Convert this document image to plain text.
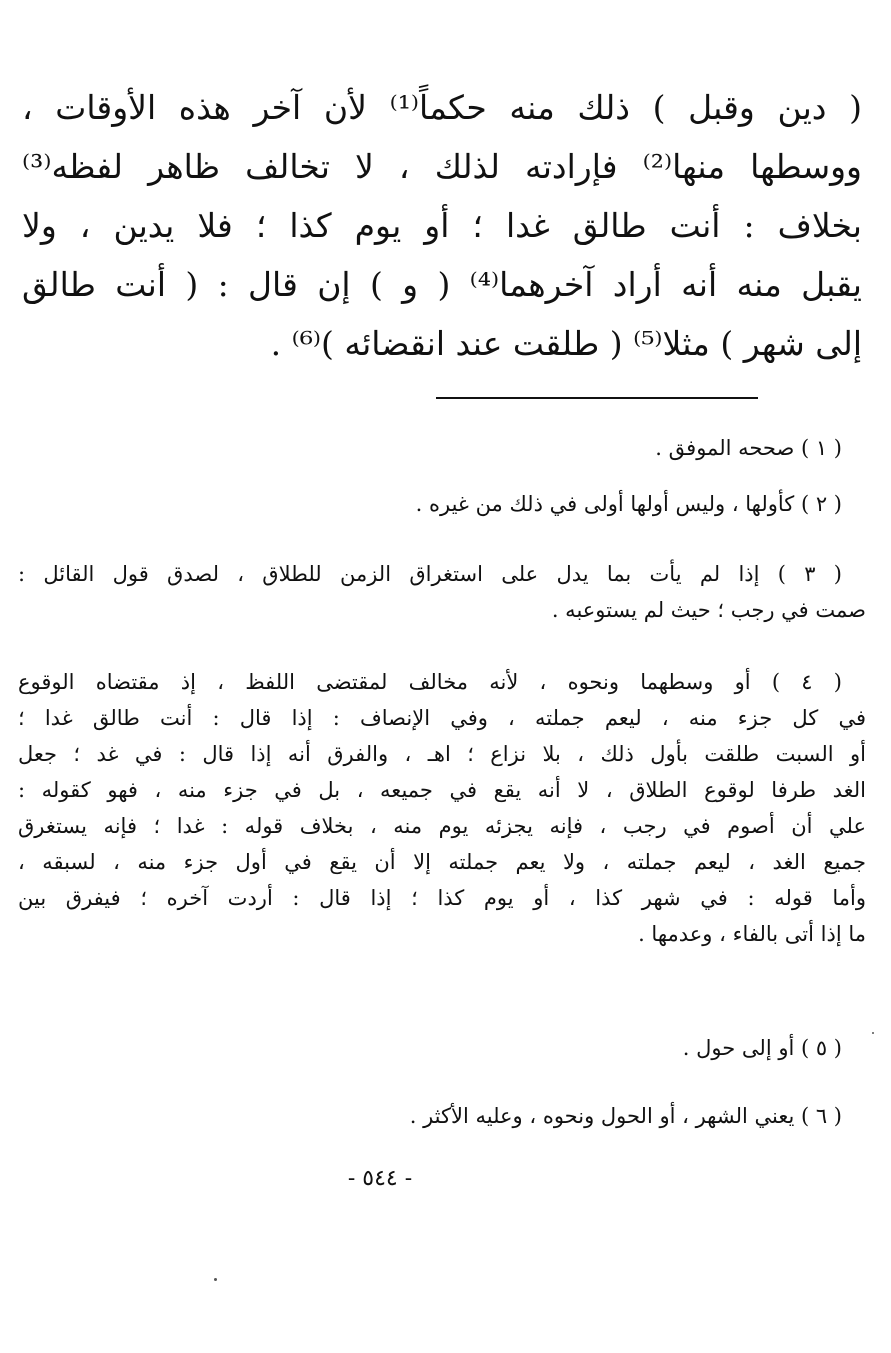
( دين وقبل ) ذلك منه حكماً⁽¹⁾ لأن آخر هذه الأوقات ،
ووسطها منها⁽²⁾ فإرادته لذلك ، لا تخالف ظاهر لفظه⁽³⁾
بخلاف : أنت طالق غدا ؛ أو يوم كذا ؛ فلا يدين ، ولا
يقبل منه أنه أراد آخرهما⁽⁴⁾ ( و ) إن قال : ( أنت طالق
إلى شهر ) مثلا⁽⁵⁾ ( طلقت عند انقضائه )⁽⁶⁾ .
( ١ ) صححه الموفق .
( ٢ ) كأولها ، وليس أولها أولى في ذلك من غيره .
( ٣ ) إذا لم يأت بما يدل على استغراق الزمن للطلاق ، لصدق قول القائل :
صمت في رجب ؛ حيث لم يستوعبه .
( ٤ ) أو وسطهما ونحوه ، لأنه مخالف لمقتضى اللفظ ، إذ مقتضاه الوقوع
في كل جزء منه ، ليعم جملته ، وفي الإنصاف : إذا قال : أنت طالق غدا ؛
أو السبت طلقت بأول ذلك ، بلا نزاع ؛ اهـ ، والفرق أنه إذا قال : في غد ؛ جعل
الغد طرفا لوقوع الطلاق ، لا أنه يقع في جميعه ، بل في جزء منه ، فهو كقوله :
علي أن أصوم في رجب ، فإنه يجزئه يوم منه ، بخلاف قوله : غدا ؛ فإنه يستغرق
جميع الغد ، ليعم جملته ، ولا يعم جملته إلا أن يقع في أول جزء منه ، لسبقه ،
وأما قوله : في شهر كذا ، أو يوم كذا ؛ إذا قال : أردت آخره ؛ فيفرق بين
ما إذا أتى بالفاء ، وعدمها .
( ٥ ) أو إلى حول .
( ٦ ) يعني الشهر ، أو الحول ونحوه ، وعليه الأكثر .
- ٥٤٤ -
